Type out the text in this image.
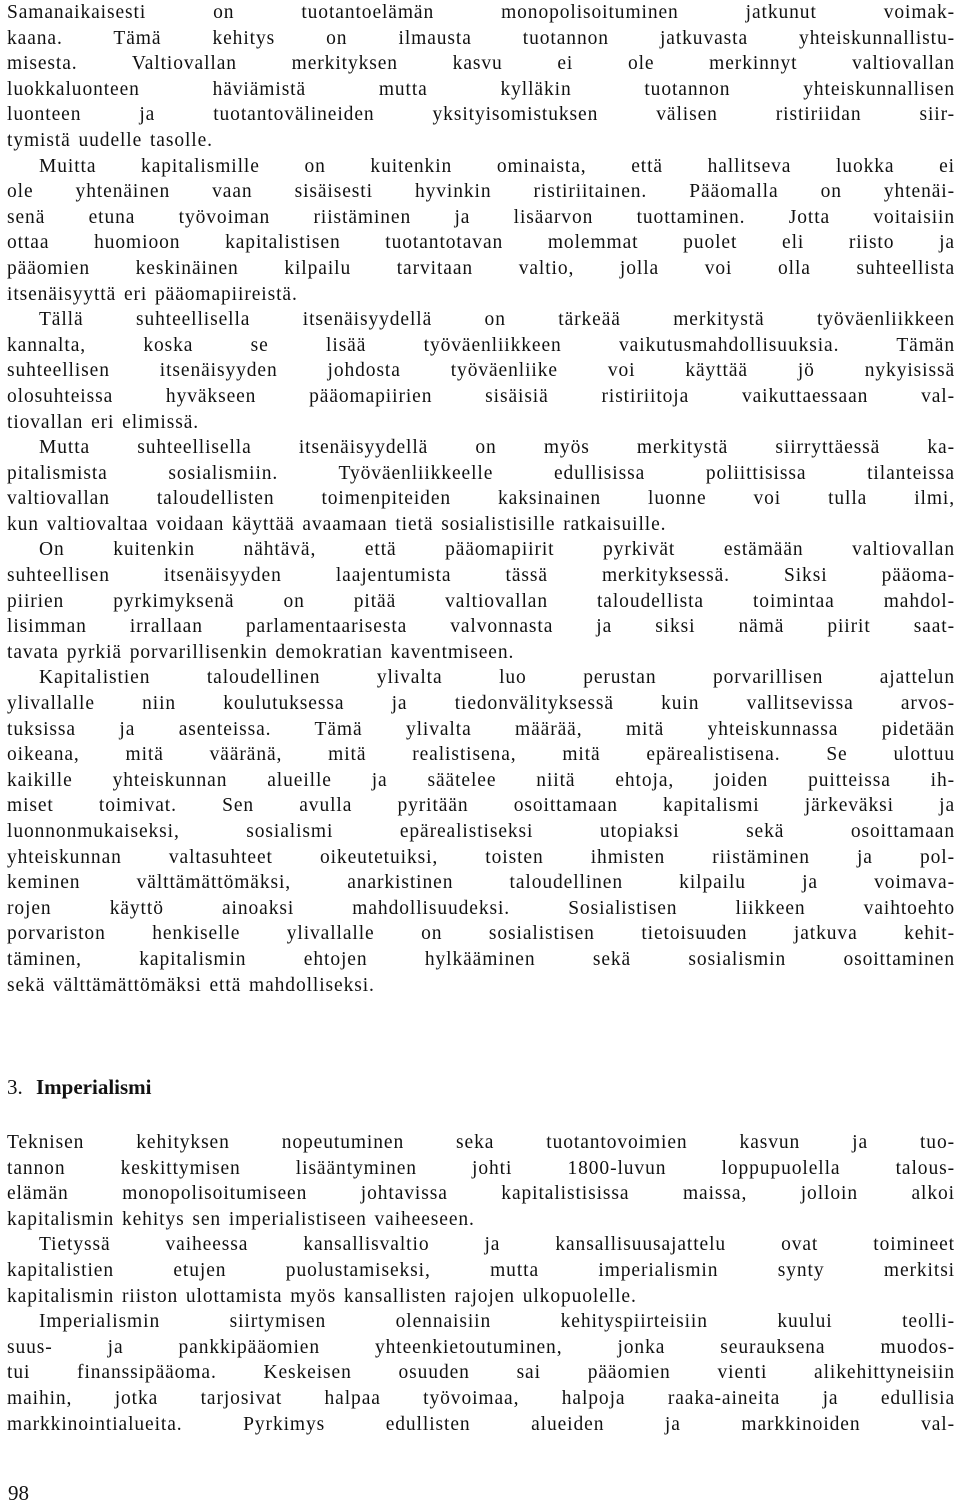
Samanaikaisesti on tuotantoelämän monopolisoituminen jatkunut voimak-
kaana. Tämä kehitys on ilmausta tuotannon jatkuvasta yhteiskunnallistu-
misesta. Valtiovallan merkityksen kasvu ei ole merkinnyt valtiovallan
luokkaluonteen häviämistä mutta kylläkin tuotannon yhteiskunnallisen
luonteen ja tuotantovälineiden yksityisomistuksen välisen ristiriidan siir-
tymistä uudelle tasolle.
Muitta kapitalismille on kuitenkin ominaista, että hallitseva luokka ei
ole yhtenäinen vaan sisäisesti hyvinkin ristiriitainen. Pääomalla on yhtenäi-
senä etuna työvoiman riistäminen ja lisäarvon tuottaminen. Jotta voitaisiin
ottaa huomioon kapitalistisen tuotantotavan molemmat puolet eli riisto ja
pääomien keskinäinen kilpailu tarvitaan valtio, jolla voi olla suhteellista
itsenäisyyttä eri pääomapiireistä.
Tällä suhteellisella itsenäisyydellä on tärkeää merkitystä työväenliikkeen
kannalta, koska se lisää työväenliikkeen vaikutusmahdollisuuksia. Tämän
suhteellisen itsenäisyyden johdosta työväenliike voi käyttää jö nykyisissä
olosuhteissa hyväkseen pääomapiirien sisäisiä ristiriitoja vaikuttaessaan val-
tiovallan eri elimissä.
Mutta suhteellisella itsenäisyydellä on myös merkitystä siirryttäessä ka-
pitalismista sosialismiin. Työväenliikkeelle edullisissa poliittisissa tilanteissa
valtiovallan taloudellisten toimenpiteiden kaksinainen luonne voi tulla ilmi,
kun valtiovaltaa voidaan käyttää avaamaan tietä sosialistisille ratkaisuille.
On kuitenkin nähtävä, että pääomapiirit pyrkivät estämään valtiovallan
suhteellisen itsenäisyyden laajentumista tässä merkityksessä. Siksi pääoma-
piirien pyrkimyksenä on pitää valtiovallan taloudellista toimintaa mahdol-
lisimman irrallaan parlamentaarisesta valvonnasta ja siksi nämä piirit saat-
tavata pyrkiä porvarillisenkin demokratian kaventmiseen.
Kapitalistien taloudellinen ylivalta luo perustan porvarillisen ajattelun
ylivallalle niin koulutuksessa ja tiedonvälityksessä kuin vallitsevissa arvos-
tuksissa ja asenteissa. Tämä ylivalta määrää, mitä yhteiskunnassa pidetään
oikeana, mitä vääränä, mitä realistisena, mitä epärealistisena. Se ulottuu
kaikille yhteiskunnan alueille ja säätelee niitä ehtoja, joiden puitteissa ih-
miset toimivat. Sen avulla pyritään osoittamaan kapitalismi järkeväksi ja
luonnonmukaiseksi, sosialismi epärealistiseksi utopiaksi sekä osoittamaan
yhteiskunnan valtasuhteet oikeutetuiksi, toisten ihmisten riistäminen ja pol-
keminen välttämättömäksi, anarkistinen taloudellinen kilpailu ja voimava-
rojen käyttö ainoaksi mahdollisuudeksi. Sosialistisen liikkeen vaihtoehto
porvariston henkiselle ylivallalle on sosialistisen tietoisuuden jatkuva kehit-
täminen, kapitalismin ehtojen hylkääminen sekä sosialismin osoittaminen
sekä välttämättömäksi että mahdolliseksi.
3. Imperialismi
Teknisen kehityksen nopeutuminen seka tuotantovoimien kasvun ja tuo-
tannon keskittymisen lisääntyminen johti 1800-luvun loppupuolella talous-
elämän monopolisoitumiseen johtavissa kapitalistisissa maissa, jolloin alkoi
kapitalismin kehitys sen imperialistiseen vaiheeseen.
Tietyssä vaiheessa kansallisvaltio ja kansallisuusajattelu ovat toimineet
kapitalistien etujen puolustamiseksi, mutta imperialismin synty merkitsi
kapitalismin riiston ulottamista myös kansallisten rajojen ulkopuolelle.
Imperialismin siirtymisen olennaisiin kehityspiirteisiin kuului teolli-
suus- ja pankkipääomien yhteenkietoutuminen, jonka seurauksena muodos-
tui finanssipääoma. Keskeisen osuuden sai pääomien vienti alikehittyneisiin
maihin, jotka tarjosivat halpaa työvoimaa, halpoja raaka-aineita ja edullisia
markkinointialueita. Pyrkimys edullisten alueiden ja markkinoiden val-
98
